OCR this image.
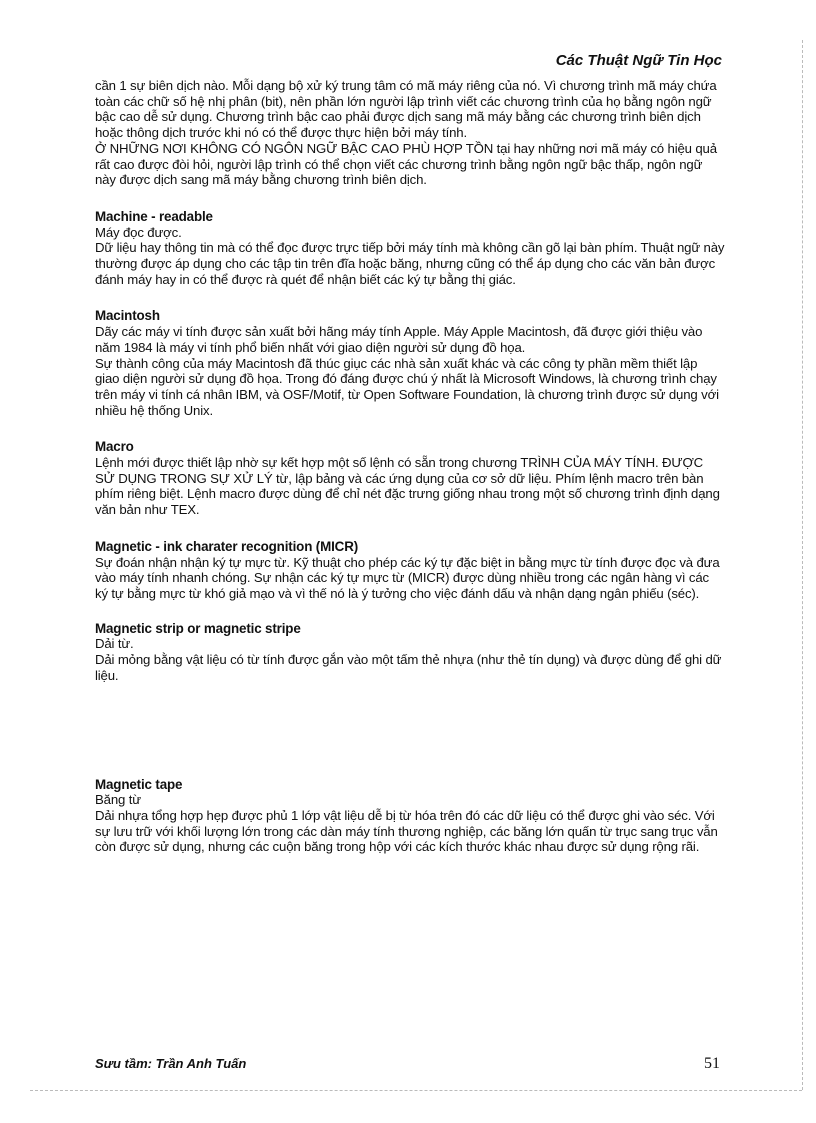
Các Thuật Ngữ Tin Học

cần 1 sự biên dịch nào. Mỗi dạng bộ xử ký trung tâm có mã máy riêng của nó. Vì chương trình mã máy chứa toàn các chữ số hệ nhị phân (bit), nên phần lớn người lập trình viết các chương trình của họ bằng ngôn ngữ bậc cao dễ sử dụng. Chương trình bậc cao phải được dịch sang mã máy bằng các chương trình biên dịch hoặc thông dịch trước khi nó có thể được thực hiện bởi máy tính.

Ở NHỮNG NƠI KHÔNG CÓ NGÔN NGỮ BẬC CAO PHÙ HỢP TỒN tại hay những nơi mã máy có hiệu quả rất cao được đòi hỏi, người lập trình có thể chọn viết các chương trình bằng ngôn ngữ bậc thấp, ngôn ngữ này được dịch sang mã máy bằng chương trình biên dịch.

Machine - readable

Máy đọc được.

Dữ liệu hay thông tin mà có thể đọc được trực tiếp bởi máy tính mà không cần gõ lại bàn phím. Thuật ngữ này thường được áp dụng cho các tập tin trên đĩa hoặc băng, nhưng cũng có thể áp dụng cho các văn bản được đánh máy hay in có thể được rà quét để nhận biết các ký tự bằng thị giác.

Macintosh

Dãy các máy vi tính được sản xuất bởi hãng máy tính Apple. Máy Apple Macintosh, đã được giới thiệu vào năm 1984 là máy vi tính phổ biến nhất với giao diện người sử dụng đồ họa.

Sự thành công của máy Macintosh đã thúc giục các nhà sản xuất khác và các công ty phần mềm thiết lập giao diện người sử dụng đồ họa. Trong đó đáng được chú ý nhất là Microsoft Windows, là chương trình chạy trên máy vi tính cá nhân IBM, và OSF/Motif, từ Open Software Foundation, là chương trình được sử dụng với nhiều hệ thống Unix.

Macro

Lệnh mới được thiết lập nhờ sự kết hợp một số lệnh có sẵn trong chương TRÌNH CỦA MÁY TÍNH. ĐƯỢC SỬ DỤNG TRONG SỰ XỬ LÝ từ, lập bảng và các ứng dụng của cơ sở dữ liệu. Phím lệnh macro trên bàn phím riêng biệt. Lệnh macro được dùng để chỉ nét đặc trưng giống nhau trong một số chương trình định dạng văn bản như TEX.

Magnetic - ink charater recognition (MICR)

Sự đoán nhận nhận ký tự mực từ. Kỹ thuật cho phép các ký tự đặc biệt in bằng mực từ tính được đọc và đưa vào máy tính nhanh chóng. Sự nhận các ký tự mực từ (MICR) được dùng nhiều trong các ngân hàng vì các ký tự bằng mực từ khó giả mạo và vì thế nó là ý tưởng cho việc đánh dấu và nhận dạng ngân phiếu (séc).

Magnetic strip or magnetic stripe

Dải từ.

Dải mỏng bằng vật liệu có từ tính được gắn vào một tấm thẻ nhựa (như thẻ tín dụng) và được dùng để ghi dữ liệu.

Magnetic tape

Băng từ

Dải nhựa tổng hợp hẹp được phủ 1 lớp vật liệu dễ bị từ hóa trên đó các dữ liệu có thể được ghi vào séc. Với sự lưu trữ với khối lượng lớn trong các dàn máy tính thương nghiệp, các băng lớn quấn từ trục sang trục vẫn còn được sử dụng, nhưng các cuộn băng trong hộp với các kích thước khác nhau được sử dụng rộng rãi.

Sưu tầm: Trần Anh Tuấn	51
